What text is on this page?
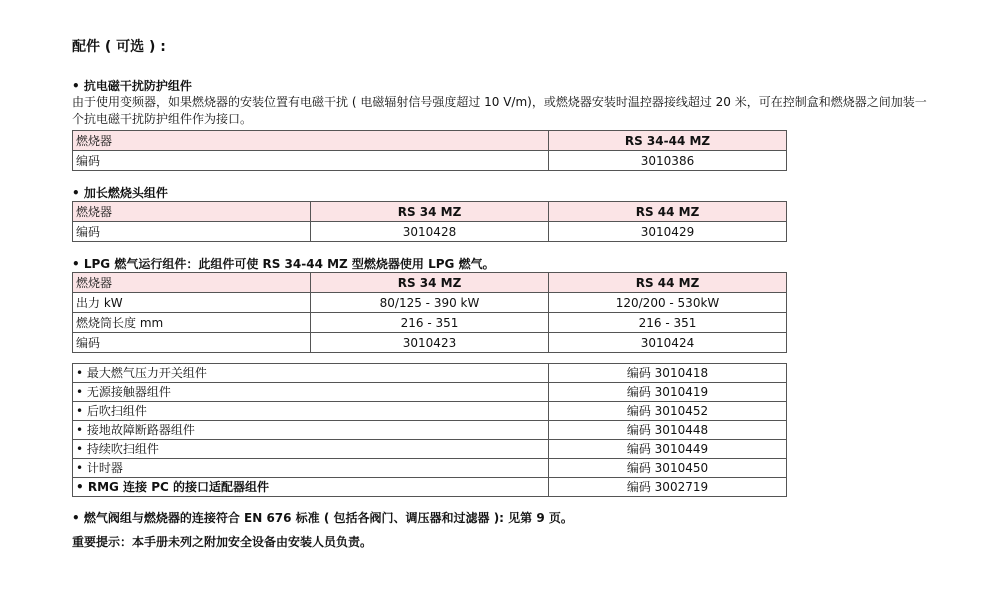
配件 ( 可选 ) :

• 抗电磁干扰防护组件

由于使用变频器，如果燃烧器的安装位置有电磁干扰 ( 电磁辐射信号强度超过 10 V/m)，或燃烧器安装时温控器接线超过 20 米，可在控制盒和燃烧器之间加装一个抗电磁干扰防护组件作为接口。

燃烧器	RS 34-44 MZ
编码	3010386

• 加长燃烧头组件

燃烧器	RS 34 MZ	RS 44 MZ
编码	3010428	3010429

• LPG 燃气运行组件：此组件可使 RS 34-44 MZ 型燃烧器使用 LPG 燃气。

燃烧器	RS 34 MZ	RS 44 MZ
出力 kW	80/125 - 390 kW	120/200 - 530kW
燃烧筒长度 mm	216 - 351	216 - 351
编码	3010423	3010424
• 最大燃气压力开关组件	编码 3010418
• 无源接触器组件	编码 3010419
• 后吹扫组件	编码 3010452
• 接地故障断路器组件	编码 3010448
• 持续吹扫组件	编码 3010449
• 计时器	编码 3010450
• RMG 连接 PC 的接口适配器组件	编码 3002719

• 燃气阀组与燃烧器的连接符合 EN 676 标准 ( 包括各阀门、调压器和过滤器 ): 见第 9 页。

重要提示：本手册未列之附加安全设备由安装人员负责。
